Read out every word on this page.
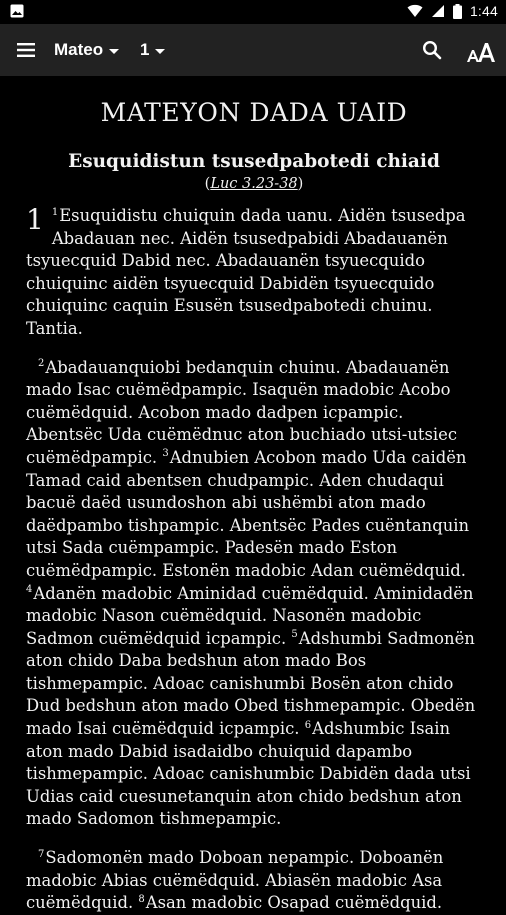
1:44
Mateo 1
MATEYON DADA UAID
Esuquidistun tsusedpabotedi chiaid
(Luc 3.23-38)
1 $^1$Esuquidistu chuiquin dada uanu. Aidën tsusedpa Abadauan nec. Aidën tsusedpabidi Abadauanën tsyuecquid Dabid nec. Abadauanën tsyuecquido chuiquinc aidën tsyuecquid Dabidën tsyuecquido chuiquinc caquin Esusën tsusedpabotedi chuinu. Tantia.
$^2$Abadauanquiobi bedanquin chuinu. Abadauanën mado Isac cuëmëdpampic. Isaquën madobic Acobo cuëmëdquid. Acobon mado dadpen icpampic. Abentsëc Uda cuëmëdnuc aton buchiado utsi-utsiec cuëmëdpampic. $^3$Adnubien Acobon mado Uda caidën Tamad caid abentsen chudpampic. Aden chudaqui bacuë daëd usundoshon abi ushëmbi aton mado daëdpambo tishpampic. Abentsëc Pades cuëntanquin utsi Sada cuëmpampic. Padesën mado Eston cuëmëdpampic. Estonën madobic Adan cuëmëdquid. $^4$Adanën madobic Aminidad cuëmëdquid. Aminidadën madobic Nason cuëmëdquid. Nasonën madobic Sadmon cuëmëdquid icpampic. $^5$Adshumbi Sadmonën aton chido Daba bedshun aton mado Bos tishmepampic. Adoac canishumbi Bosën aton chido Dud bedshun aton mado Obed tishmepampic. Obedën mado Isai cuëmëdquid icpampic. $^6$Adshumbic Isain aton mado Dabid isadaidbo chuiquid dapambo tishmepampic. Adoac canishumbic Dabidën dada utsi Udias caid cuesunetanquin aton chido bedshun aton mado Sadomon tishmepampic.
$^7$Sadomonën mado Doboan nepampic. Doboanën madobic Abias cuëmëdquid. Abiasën madobic Asa cuëmëdquid. $^8$Asan madobic Osapad cuëmëdquid.
